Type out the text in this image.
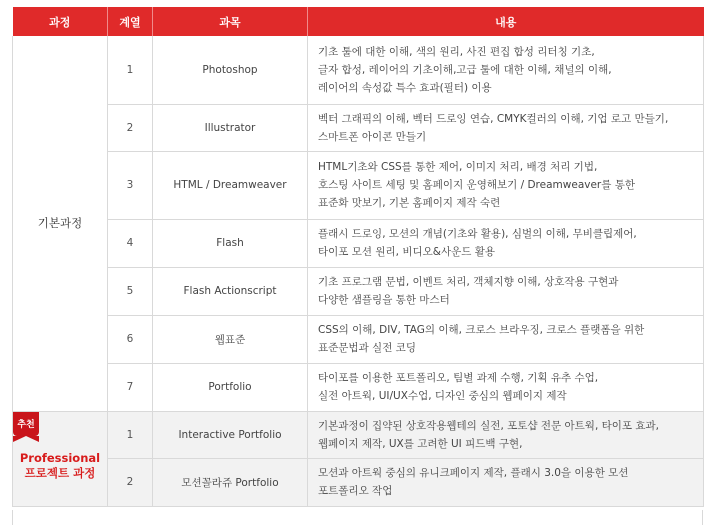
과정	계열	과목	내용
기본과정	1	Photoshop	기초 툴에 대한 이해, 색의 원리, 사진 편집 합성 리터칭 기초,
글자 합성, 레이어의 기초이해,고급 툴에 대한 이해, 채널의 이해,
레이어의 속성값 특수 효과(필터) 이용

	2	Illustrator	벡터 그래픽의 이해, 벡터 드로잉 연습, CMYK컬러의 이해, 기업 로고 만들기,
스마트폰 아이콘 만들기

	3	HTML / Dreamweaver	HTML기초와 CSS를 통한 제어, 이미지 처리, 배경 처리 기법,
호스팅 사이트 세팅 및 홈페이지 운영해보기 / Dreamweaver를 통한
표준화 맛보기, 기본 홈페이지 제작 숙련

	4	Flash	플래시 드로잉, 모션의 개념(기초와 활용), 심벌의 이해, 무비클립제어,
타이포 모션 원리, 비디오&사운드 활용

	5	Flash Actionscript	기초 프로그램 문법, 이벤트 처리, 객체지향 이해, 상호작용 구현과
다양한 샘플링을 통한 마스터

	6	웹표준	CSS의 이해, DIV, TAG의 이해, 크로스 브라우징, 크로스 플랫폼을 위한
표준문법과 실전 코딩

	7	Portfolio	타이포를 이용한 포트폴리오, 팀별 과제 수행, 기획 유추 수업,
실전 아트웍, UI/UX수업, 디자인 중심의 웹페이지 제작

추천
Professional
프로젝트 과정	1	Interactive Portfolio	기본과정이 집약된 상호작용웹테의 실전, 포토샵 전문 아트웍, 타이포 효과,
웹페이지 제작, UX를 고려한 UI 피드백 구현,

	2	모션꼴라쥬 Portfolio	모션과 아트웍 중심의 유니크페이지 제작, 플래시 3.0을 이용한 모션
포트폴리오 작업
